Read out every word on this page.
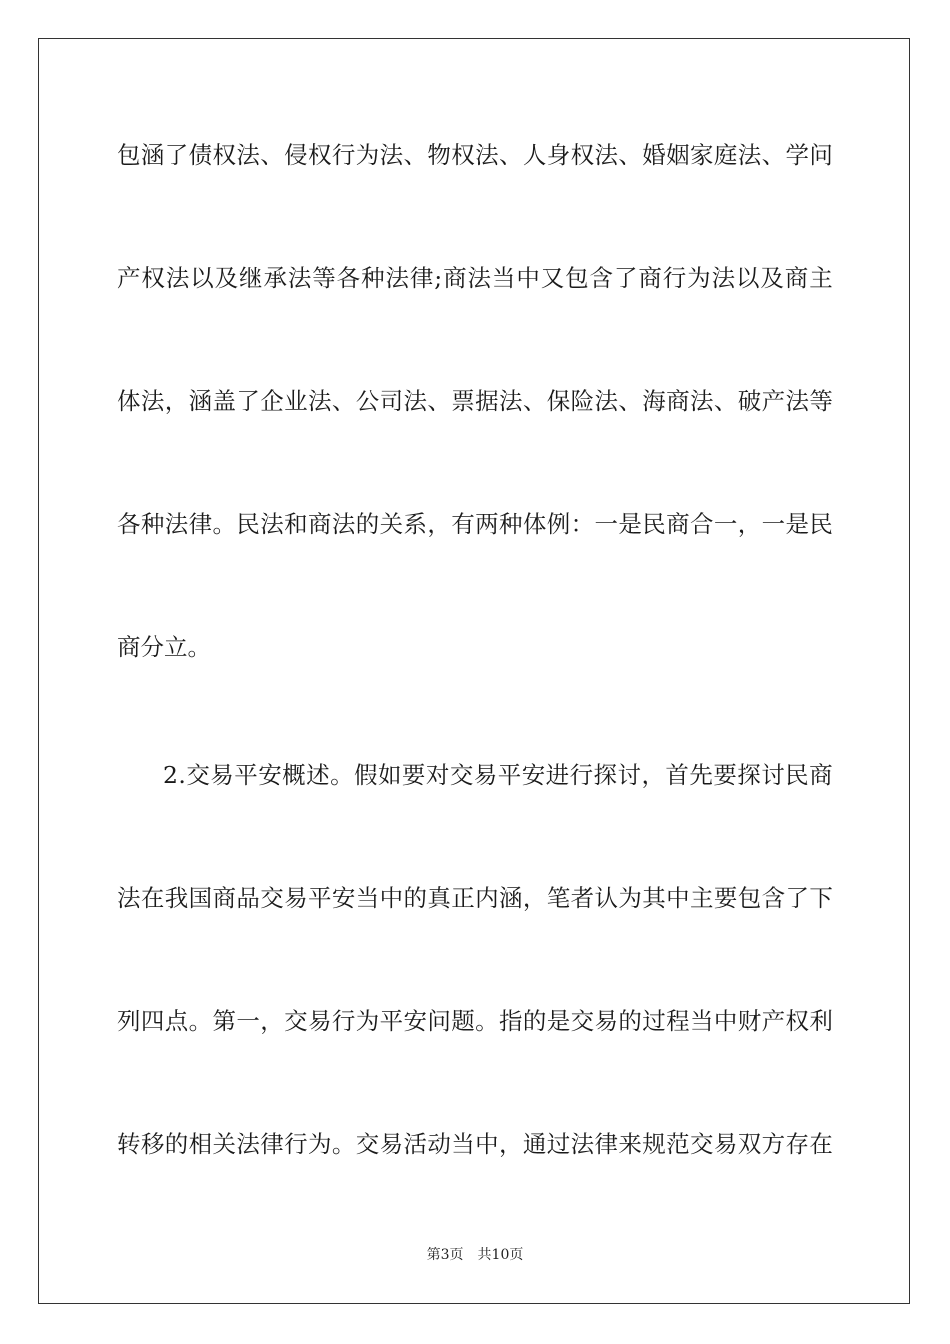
包 涵 了 债 权 法 、 侵 权 行 为 法 、 物 权 法 、 人 身 权 法 、 婚 姻 家 庭 法 、 学 问
产 权 法 以 及 继 承 法 等 各 种 法 律 ; 商 法 当 中 又 包 含 了 商 行 为 法 以 及 商 主
体 法 ， 涵 盖 了 企 业 法 、 公 司 法 、 票 据 法 、 保 险 法 、 海 商 法 、 破 产 法 等
各 种 法 律 。 民 法 和 商 法 的 关 系 ， 有 两 种 体 例 ： 一 是 民 商 合 一 ， 一 是 民
商分立。
2 . 交 易 平 安 概 述 。 假 如 要 对 交 易 平 安 进 行 探 讨 ， 首 先 要 探 讨 民 商
法 在 我 国 商 品 交 易 平 安 当 中 的 真 正 内 涵 ， 笔 者 认 为 其 中 主 要 包 含 了 下
列 四 点 。 第 一 ， 交 易 行 为 平 安 问 题 。 指 的 是 交 易 的 过 程 当 中 财 产 权 利
转 移 的 相 关 法 律 行 为 。 交 易 活 动 当 中 ， 通 过 法 律 来 规 范 交 易 双 方 存 在
第3页 共10页
